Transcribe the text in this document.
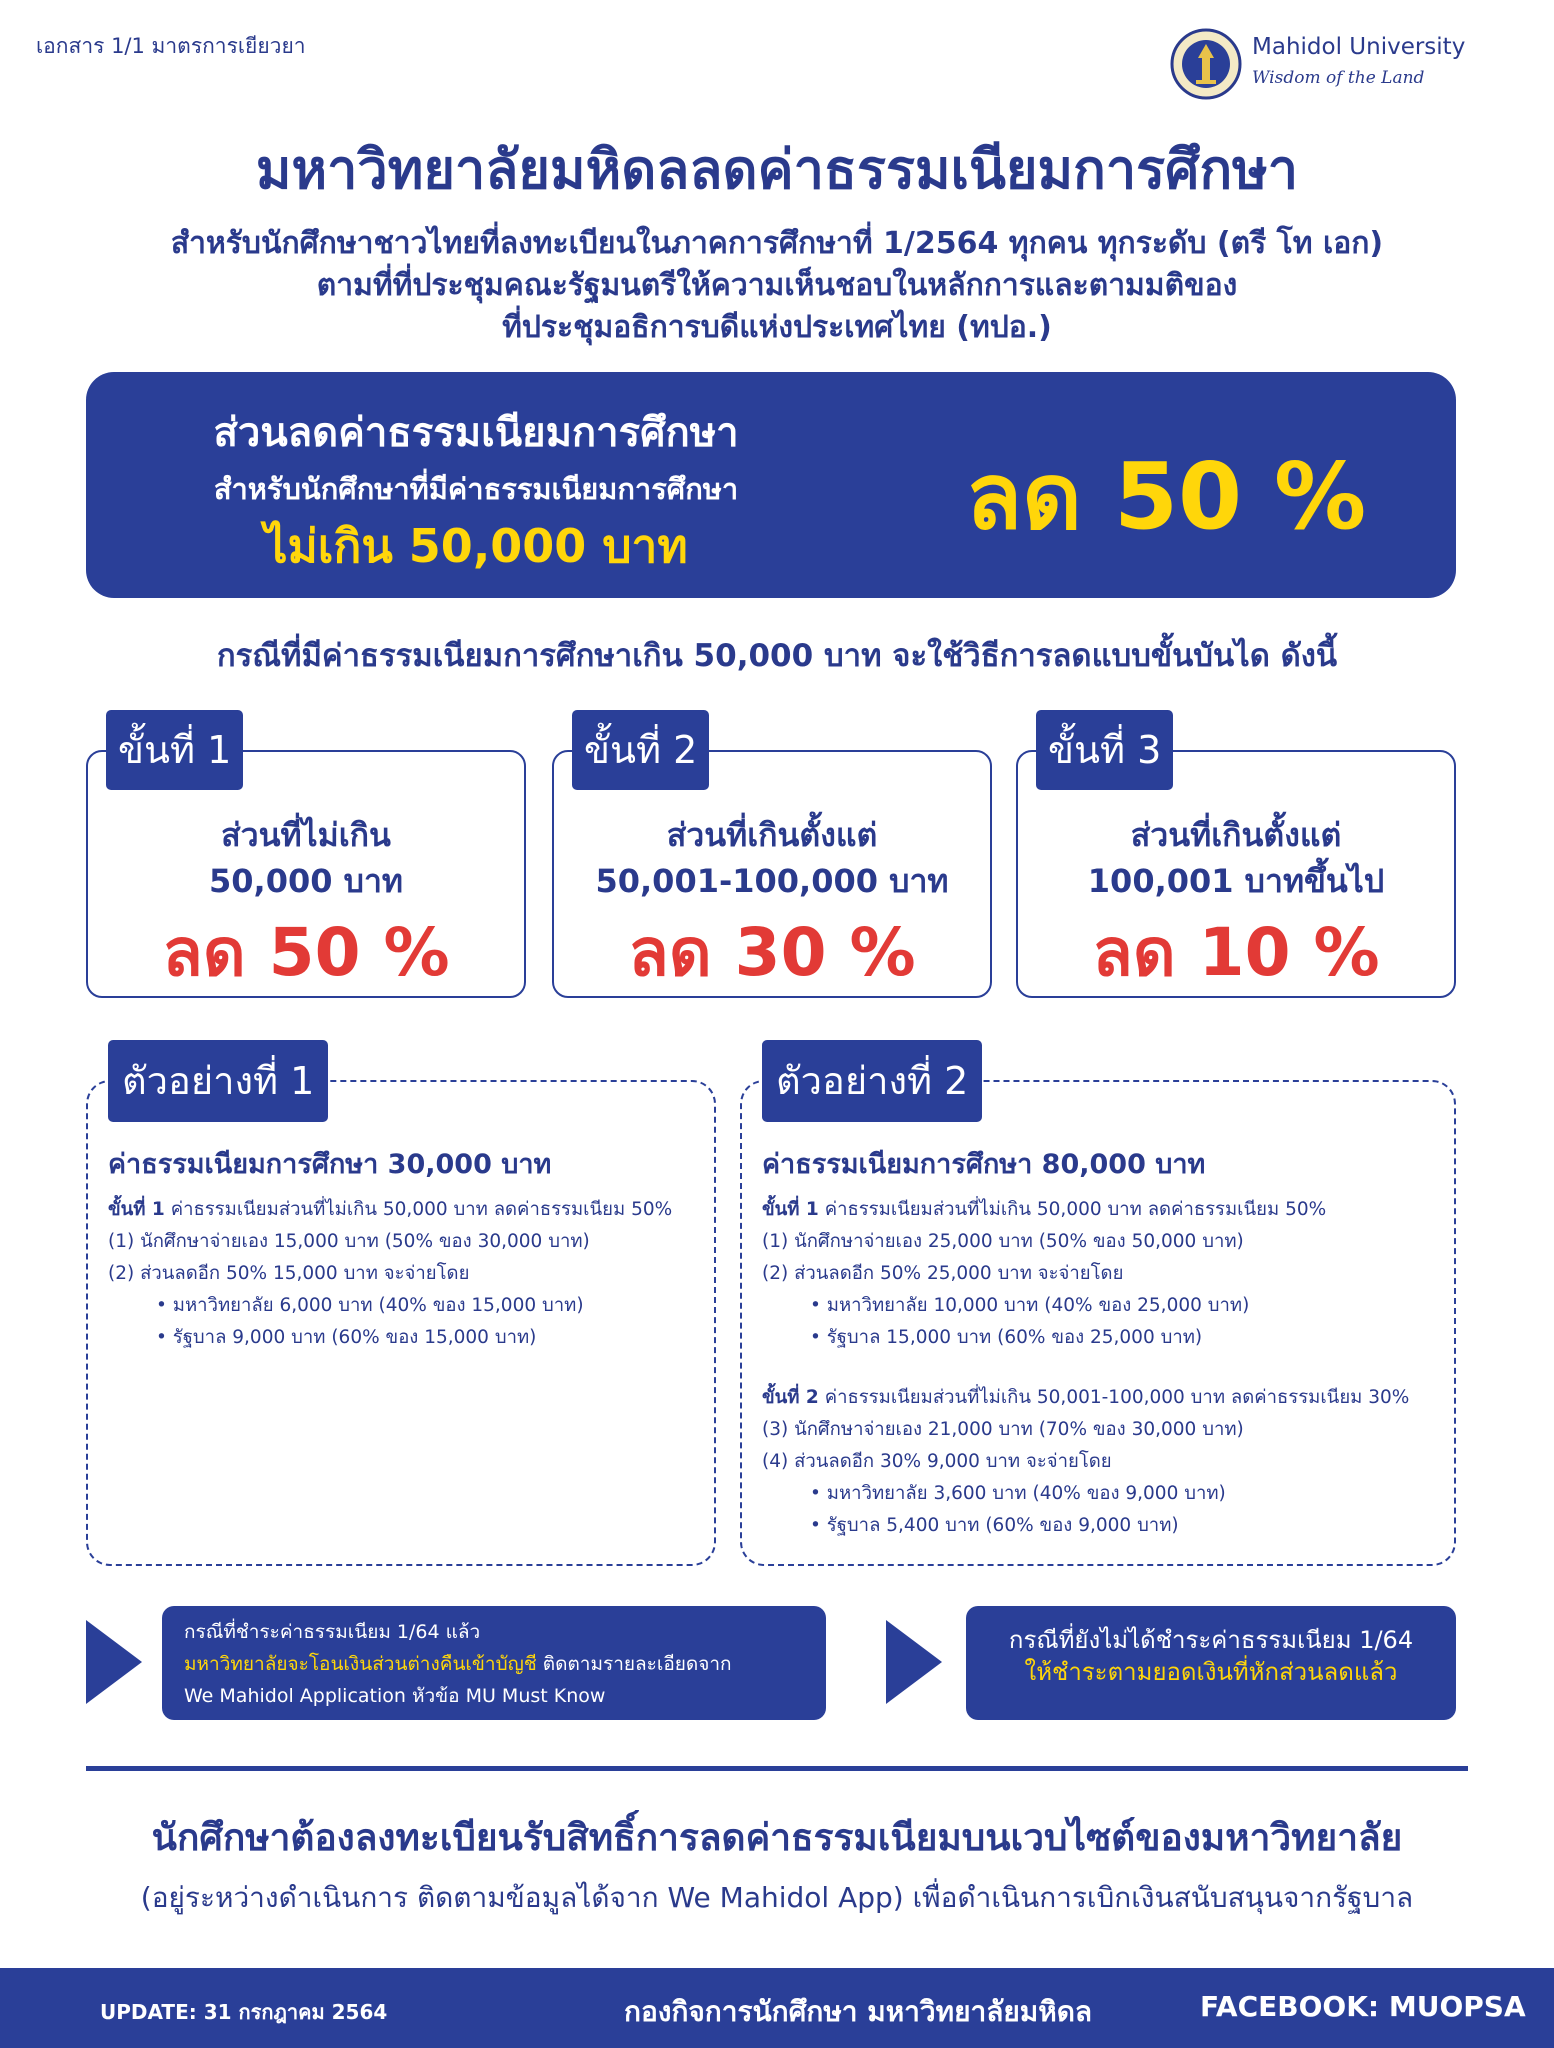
เอกสาร 1/1 มาตรการเยียวยา	Mahidol University
Wisdom of the Land
มหาวิทยาลัยมหิดลลดค่าธรรมเนียมการศึกษา
สำหรับนักศึกษาชาวไทยที่ลงทะเบียนในภาคการศึกษาที่ 1/2564 ทุกคน ทุกระดับ (ตรี โท เอก)
ตามที่ที่ประชุมคณะรัฐมนตรีให้ความเห็นชอบในหลักการและตามมติของ
ที่ประชุมอธิการบดีแห่งประเทศไทย (ทปอ.)
ส่วนลดค่าธรรมเนียมการศึกษา
สำหรับนักศึกษาที่มีค่าธรรมเนียมการศึกษา
ไม่เกิน 50,000 บาท	ลด 50 %
กรณีที่มีค่าธรรมเนียมการศึกษาเกิน 50,000 บาท จะใช้วิธีการลดแบบขั้นบันได ดังนี้
ขั้นที่ 1
ส่วนที่ไม่เกิน
50,000 บาท
ลด 50 %
ขั้นที่ 2
ส่วนที่เกินตั้งแต่
50,001-100,000 บาท
ลด 30 %
ขั้นที่ 3
ส่วนที่เกินตั้งแต่
100,001 บาทขึ้นไป
ลด 10 %
ตัวอย่างที่ 1
ค่าธรรมเนียมการศึกษา 30,000 บาท
ขั้นที่ 1 ค่าธรรมเนียมส่วนที่ไม่เกิน 50,000 บาท ลดค่าธรรมเนียม 50%
(1) นักศึกษาจ่ายเอง 15,000 บาท (50% ของ 30,000 บาท)
(2) ส่วนลดอีก 50% 15,000 บาท จะจ่ายโดย
• มหาวิทยาลัย 6,000 บาท (40% ของ 15,000 บาท)
• รัฐบาล 9,000 บาท (60% ของ 15,000 บาท)
ตัวอย่างที่ 2
ค่าธรรมเนียมการศึกษา 80,000 บาท
ขั้นที่ 1 ค่าธรรมเนียมส่วนที่ไม่เกิน 50,000 บาท ลดค่าธรรมเนียม 50%
(1) นักศึกษาจ่ายเอง 25,000 บาท (50% ของ 50,000 บาท)
(2) ส่วนลดอีก 50% 25,000 บาท จะจ่ายโดย
• มหาวิทยาลัย 10,000 บาท (40% ของ 25,000 บาท)
• รัฐบาล 15,000 บาท (60% ของ 25,000 บาท)
ขั้นที่ 2 ค่าธรรมเนียมส่วนที่ไม่เกิน 50,001-100,000 บาท ลดค่าธรรมเนียม 30%
(3) นักศึกษาจ่ายเอง 21,000 บาท (70% ของ 30,000 บาท)
(4) ส่วนลดอีก 30% 9,000 บาท จะจ่ายโดย
• มหาวิทยาลัย 3,600 บาท (40% ของ 9,000 บาท)
• รัฐบาล 5,400 บาท (60% ของ 9,000 บาท)
กรณีที่ชำระค่าธรรมเนียม 1/64 แล้ว
มหาวิทยาลัยจะโอนเงินส่วนต่างคืนเข้าบัญชี ติดตามรายละเอียดจาก
We Mahidol Application หัวข้อ MU Must Know
กรณีที่ยังไม่ได้ชำระค่าธรรมเนียม 1/64
ให้ชำระตามยอดเงินที่หักส่วนลดแล้ว
นักศึกษาต้องลงทะเบียนรับสิทธิ์การลดค่าธรรมเนียมบนเวบไซต์ของมหาวิทยาลัย
(อยู่ระหว่างดำเนินการ ติดตามข้อมูลได้จาก We Mahidol App) เพื่อดำเนินการเบิกเงินสนับสนุนจากรัฐบาล
UPDATE: 31 กรกฎาคม 2564	กองกิจการนักศึกษา มหาวิทยาลัยมหิดล	FACEBOOK: MUOPSA
